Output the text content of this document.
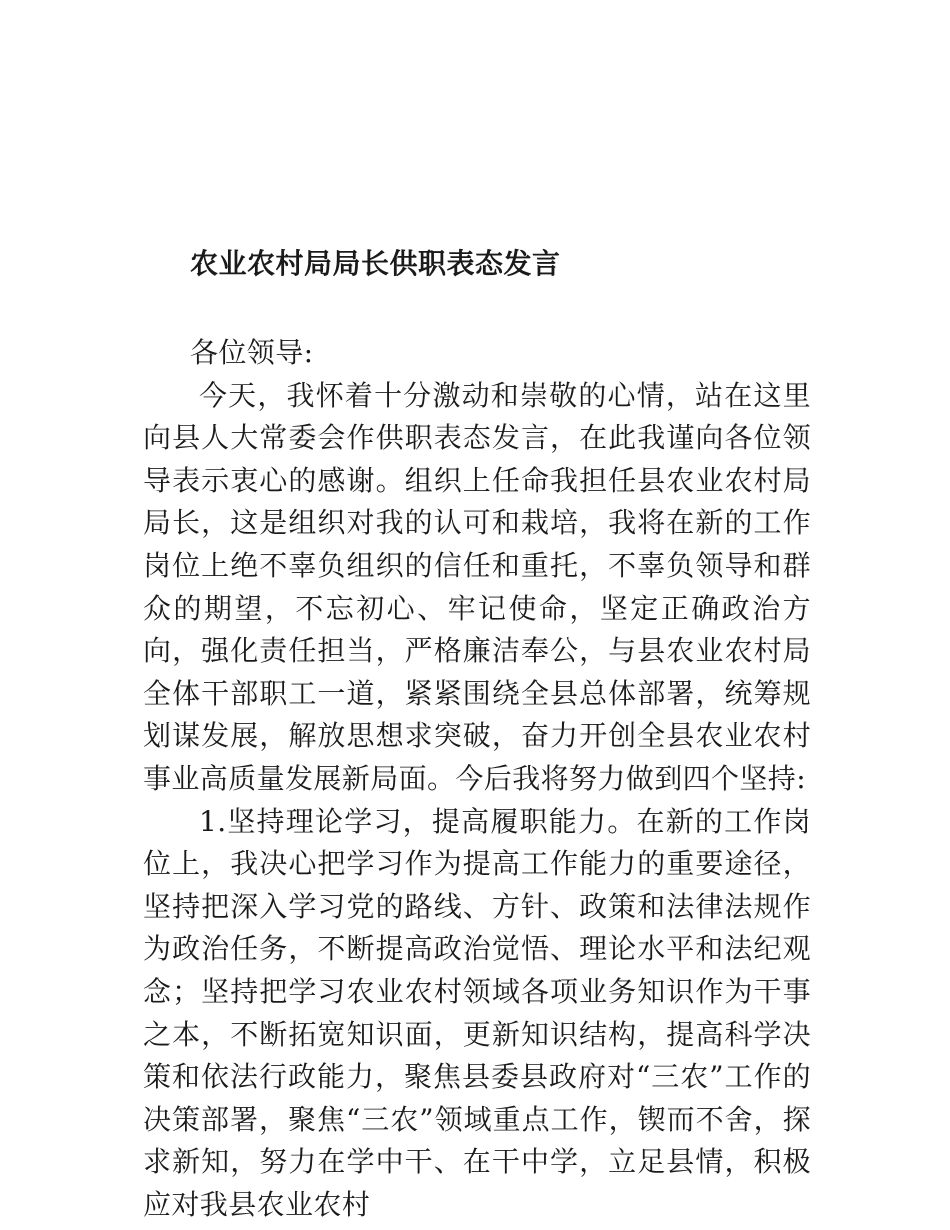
农业农村局局长供职表态发言

各位领导:

今天，我怀着十分激动和崇敬的心情，站在这里向县人大常委会作供职表态发言，在此我谨向各位领导表示衷心的感谢。组织上任命我担任县农业农村局局长，这是组织对我的认可和栽培，我将在新的工作岗位上绝不辜负组织的信任和重托，不辜负领导和群众的期望，不忘初心、牢记使命，坚定正确政治方向，强化责任担当，严格廉洁奉公，与县农业农村局全体干部职工一道，紧紧围绕全县总体部署，统筹规划谋发展，解放思想求突破，奋力开创全县农业农村事业高质量发展新局面。今后我将努力做到四个坚持:

1.坚持理论学习，提高履职能力。在新的工作岗位上，我决心把学习作为提高工作能力的重要途径，坚持把深入学习党的路线、方针、政策和法律法规作为政治任务，不断提高政治觉悟、理论水平和法纪观念；坚持把学习农业农村领域各项业务知识作为干事之本，不断拓宽知识面，更新知识结构，提高科学决策和依法行政能力，聚焦县委县政府对“三农”工作的决策部署，聚焦“三农”领域重点工作，锲而不舍，探求新知，努力在学中干、在干中学，立足县情，积极应对我县农业农村
